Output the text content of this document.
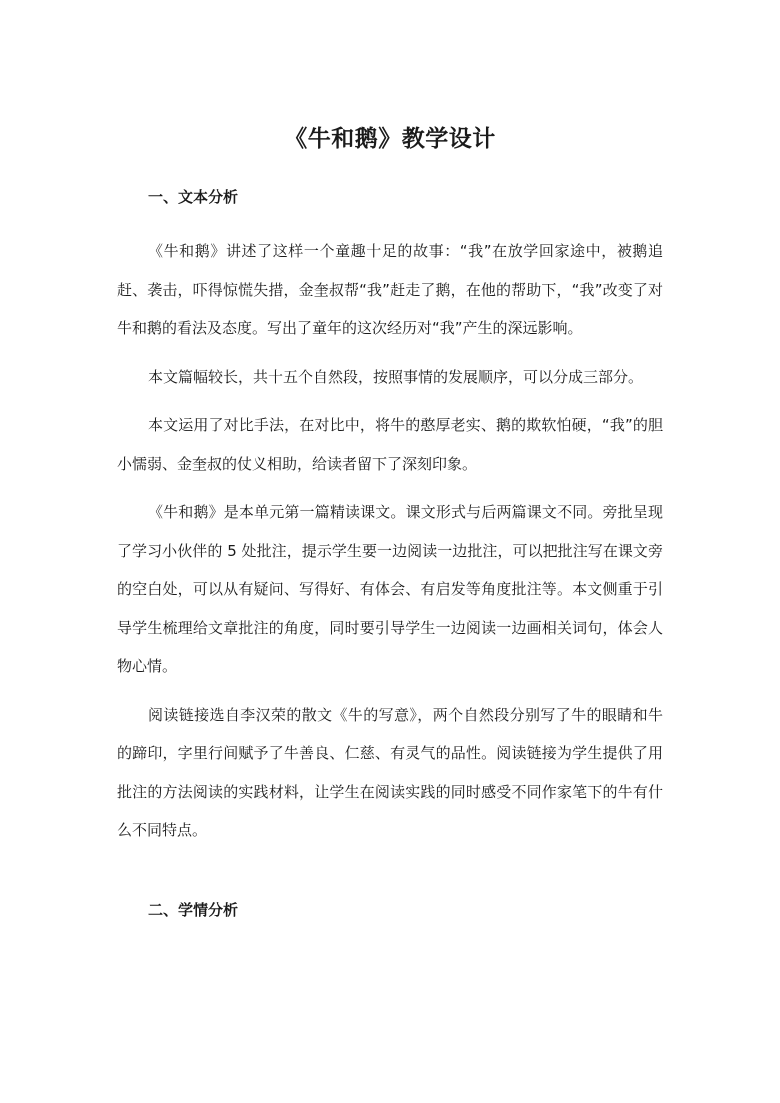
《牛和鹅》教学设计
一、文本分析

《牛和鹅》讲述了这样一个童趣十足的故事：“我”在放学回家途中，被鹅追赶、袭击，吓得惊慌失措，金奎叔帮“我”赶走了鹅，在他的帮助下，“我”改变了对牛和鹅的看法及态度。写出了童年的这次经历对“我”产生的深远影响。

本文篇幅较长，共十五个自然段，按照事情的发展顺序，可以分成三部分。

本文运用了对比手法，在对比中，将牛的憨厚老实、鹅的欺软怕硬，“我”的胆小懦弱、金奎叔的仗义相助，给读者留下了深刻印象。

《牛和鹅》是本单元第一篇精读课文。课文形式与后两篇课文不同。旁批呈现了学习小伙伴的 5 处批注，提示学生要一边阅读一边批注，可以把批注写在课文旁的空白处，可以从有疑问、写得好、有体会、有启发等角度批注等。本文侧重于引导学生梳理给文章批注的角度，同时要引导学生一边阅读一边画相关词句，体会人物心情。

阅读链接选自李汉荣的散文《牛的写意》，两个自然段分别写了牛的眼睛和牛的蹄印，字里行间赋予了牛善良、仁慈、有灵气的品性。阅读链接为学生提供了用批注的方法阅读的实践材料，让学生在阅读实践的同时感受不同作家笔下的牛有什么不同特点。

二、学情分析
